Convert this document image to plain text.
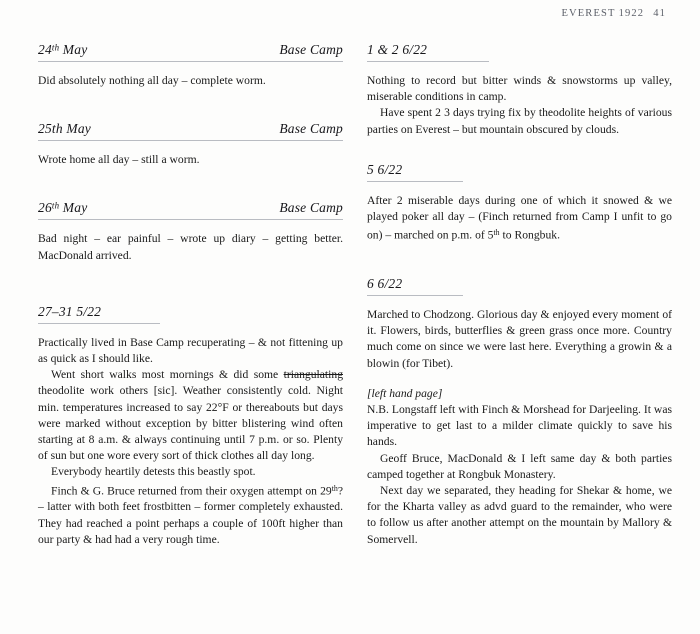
EVEREST 1922 41
24th May	Base Camp

Did absolutely nothing all day – complete worm.

25th May	Base Camp

Wrote home all day – still a worm.

26th May	Base Camp

Bad night – ear painful – wrote up diary – getting better. MacDonald arrived.

27–31 5/22

Practically lived in Base Camp recuperating – & not fittening up as quick as I should like.

Went short walks most mornings & did some triangulating theodolite work others [sic]. Weather consistently cold. Night min. temperatures increased to say 22°F or thereabouts but days were marked without exception by bitter blistering wind often starting at 8 a.m. & always continuing until 7 p.m. or so. Plenty of sun but one wore every sort of thick clothes all day long.

Everybody heartily detests this beastly spot.

Finch & G. Bruce returned from their oxygen attempt on 29th? – latter with both feet frostbitten – former completely exhausted. They had reached a point perhaps a couple of 100ft higher than our party & had had a very rough time.

1 & 2 6/22

Nothing to record but bitter winds & snowstorms up valley, miserable conditions in camp.

Have spent 2 3 days trying fix by theodolite heights of various parties on Everest – but mountain obscured by clouds.

5 6/22

After 2 miserable days during one of which it snowed & we played poker all day – (Finch returned from Camp I unfit to go on) – marched on p.m. of 5th to Rongbuk.

6 6/22

Marched to Chodzong. Glorious day & enjoyed every moment of it. Flowers, birds, butterflies & green grass once more. Country much come on since we were last here. Everything a growin & a blowin (for Tibet).

[left hand page]

N.B. Longstaff left with Finch & Morshead for Darjeeling. It was imperative to get last to a milder climate quickly to save his hands.

Geoff Bruce, MacDonald & I left same day & both parties camped together at Rongbuk Monastery.

Next day we separated, they heading for Shekar & home, we for the Kharta valley as advd guard to the remainder, who were to follow us after another attempt on the mountain by Mallory & Somervell.
